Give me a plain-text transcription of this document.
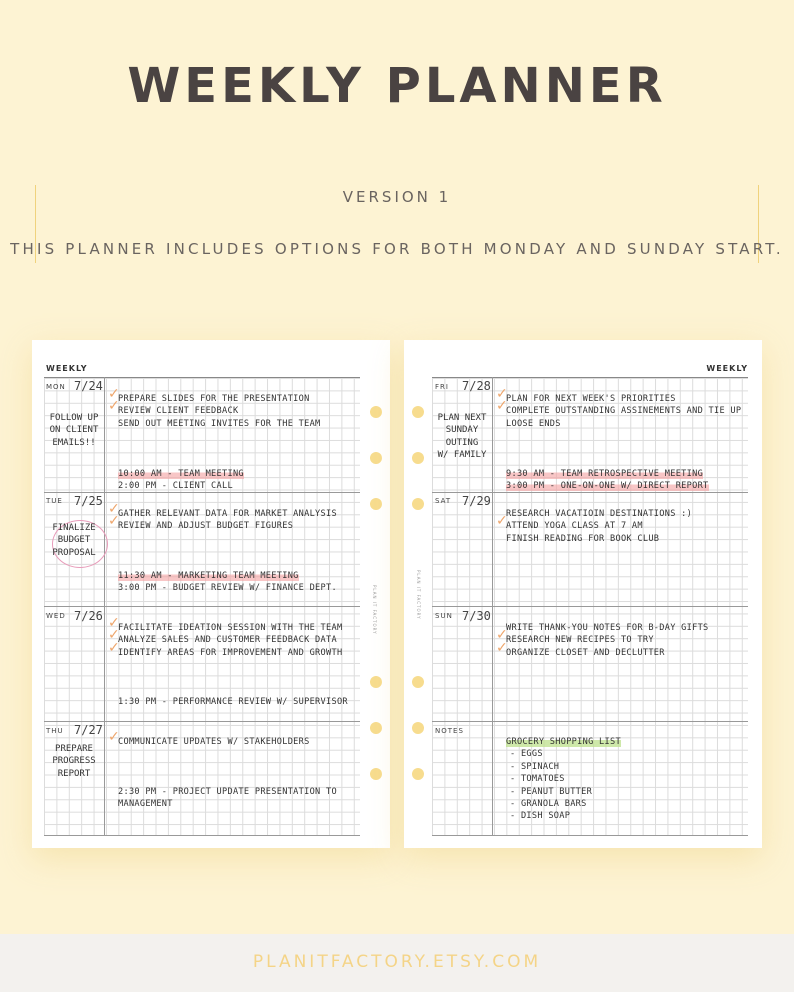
WEEKLY PLANNER
VERSION 1
THIS PLANNER INCLUDES OPTIONS FOR BOTH MONDAY AND SUNDAY START.
WEEKLY
MON 7/24
FOLLOW UP
ON CLIENT
EMAILS!!
✓
✓
PREPARE SLIDES FOR THE PRESENTATION
REVIEW CLIENT FEEDBACK
SEND OUT MEETING INVITES FOR THE TEAM
10:00 AM - TEAM MEETING
2:00 PM - CLIENT CALL
TUE 7/25
FINALIZE
BUDGET
PROPOSAL
✓
✓
GATHER RELEVANT DATA FOR MARKET ANALYSIS
REVIEW AND ADJUST BUDGET FIGURES
11:30 AM - MARKETING TEAM MEETING
3:00 PM - BUDGET REVIEW W/ FINANCE DEPT.
WED 7/26 ✓
✓
✓
FACILITATE IDEATION SESSION WITH THE TEAM
ANALYZE SALES AND CUSTOMER FEEDBACK DATA
IDENTIFY AREAS FOR IMPROVEMENT AND GROWTH
1:30 PM - PERFORMANCE REVIEW W/ SUPERVISOR
THU 7/27
PREPARE
PROGRESS
REPORT
✓
COMMUNICATE UPDATES W/ STAKEHOLDERS
2:30 PM - PROJECT UPDATE PRESENTATION TO
MANAGEMENT
PLAN IT FACTORY	PLAN IT FACTORY
WEEKLY
FRI 7/28
PLAN NEXT
SUNDAY
OUTING
W/ FAMILY
✓
✓
PLAN FOR NEXT WEEK'S PRIORITIES
COMPLETE OUTSTANDING ASSINEMENTS AND TIE UP
LOOSE ENDS
9:30 AM - TEAM RETROSPECTIVE MEETING
3:00 PM - ONE-ON-ONE W/ DIRECT REPORT
SAT 7/29
✓
RESEARCH VACATIOIN DESTINATIONS :)
ATTEND YOGA CLASS AT 7 AM
FINISH READING FOR BOOK CLUB
SUN 7/30
✓
✓
WRITE THANK-YOU NOTES FOR B-DAY GIFTS
RESEARCH NEW RECIPES TO TRY
ORGANIZE CLOSET AND DECLUTTER
NOTES
GROCERY SHOPPING LIST
- EGGS
- SPINACH
- TOMATOES
- PEANUT BUTTER
- GRANOLA BARS
- DISH SOAP
PLANITFACTORY.ETSY.COM
